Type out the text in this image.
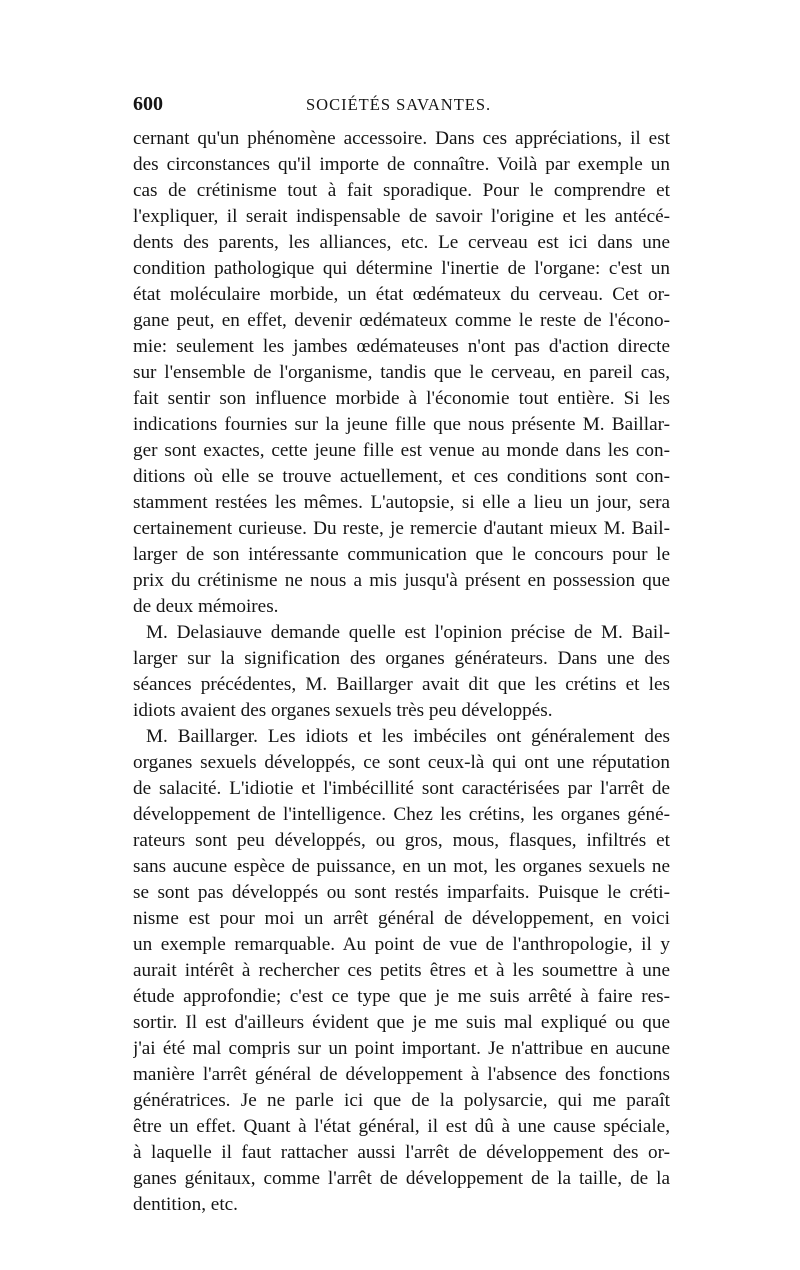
600	SOCIÉTÉS SAVANTES.
cernant qu'un phénomène accessoire. Dans ces appréciations, il est
des circonstances qu'il importe de connaître. Voilà par exemple un
cas de crétinisme tout à fait sporadique. Pour le comprendre et
l'expliquer, il serait indispensable de savoir l'origine et les antécé-
dents des parents, les alliances, etc. Le cerveau est ici dans une
condition pathologique qui détermine l'inertie de l'organe: c'est un
état moléculaire morbide, un état œdémateux du cerveau. Cet or-
gane peut, en effet, devenir œdémateux comme le reste de l'écono-
mie: seulement les jambes œdémateuses n'ont pas d'action directe
sur l'ensemble de l'organisme, tandis que le cerveau, en pareil cas,
fait sentir son influence morbide à l'économie tout entière. Si les
indications fournies sur la jeune fille que nous présente M. Baillar-
ger sont exactes, cette jeune fille est venue au monde dans les con-
ditions où elle se trouve actuellement, et ces conditions sont con-
stamment restées les mêmes. L'autopsie, si elle a lieu un jour, sera
certainement curieuse. Du reste, je remercie d'autant mieux M. Bail-
larger de son intéressante communication que le concours pour le
prix du crétinisme ne nous a mis jusqu'à présent en possession que
de deux mémoires.
M. Delasiauve demande quelle est l'opinion précise de M. Bail-
larger sur la signification des organes générateurs. Dans une des
séances précédentes, M. Baillarger avait dit que les crétins et les
idiots avaient des organes sexuels très peu développés.
M. Baillarger. Les idiots et les imbéciles ont généralement des
organes sexuels développés, ce sont ceux-là qui ont une réputation
de salacité. L'idiotie et l'imbécillité sont caractérisées par l'arrêt de
développement de l'intelligence. Chez les crétins, les organes géné-
rateurs sont peu développés, ou gros, mous, flasques, infiltrés et
sans aucune espèce de puissance, en un mot, les organes sexuels ne
se sont pas développés ou sont restés imparfaits. Puisque le créti-
nisme est pour moi un arrêt général de développement, en voici
un exemple remarquable. Au point de vue de l'anthropologie, il y
aurait intérêt à rechercher ces petits êtres et à les soumettre à une
étude approfondie; c'est ce type que je me suis arrêté à faire res-
sortir. Il est d'ailleurs évident que je me suis mal expliqué ou que
j'ai été mal compris sur un point important. Je n'attribue en aucune
manière l'arrêt général de développement à l'absence des fonctions
génératrices. Je ne parle ici que de la polysarcie, qui me paraît
être un effet. Quant à l'état général, il est dû à une cause spéciale,
à laquelle il faut rattacher aussi l'arrêt de développement des or-
ganes génitaux, comme l'arrêt de développement de la taille, de la
dentition, etc.
